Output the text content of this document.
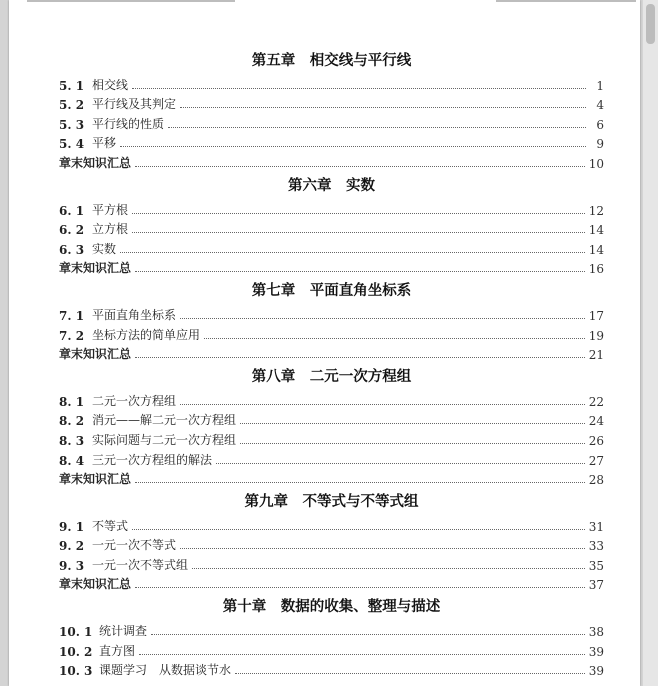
第五章　相交线与平行线
5. 1 相交线	1
5. 2 平行线及其判定	4
5. 3 平行线的性质	6
5. 4 平移	9
章末知识汇总	10
第六章　实数
6. 1 平方根	12
6. 2 立方根	14
6. 3 实数	14
章末知识汇总	16
第七章　平面直角坐标系
7. 1 平面直角坐标系	17
7. 2 坐标方法的简单应用	19
章末知识汇总	21
第八章　二元一次方程组
8. 1 二元一次方程组	22
8. 2 消元——解二元一次方程组	24
8. 3 实际问题与二元一次方程组	26
8. 4 三元一次方程组的解法	27
章末知识汇总	28
第九章　不等式与不等式组
9. 1 不等式	31
9. 2 一元一次不等式	33
9. 3 一元一次不等式组	35
章末知识汇总	37
第十章　数据的收集、整理与描述
10. 1 统计调查	38
10. 2 直方图	39
10. 3 课题学习　从数据谈节水	39
